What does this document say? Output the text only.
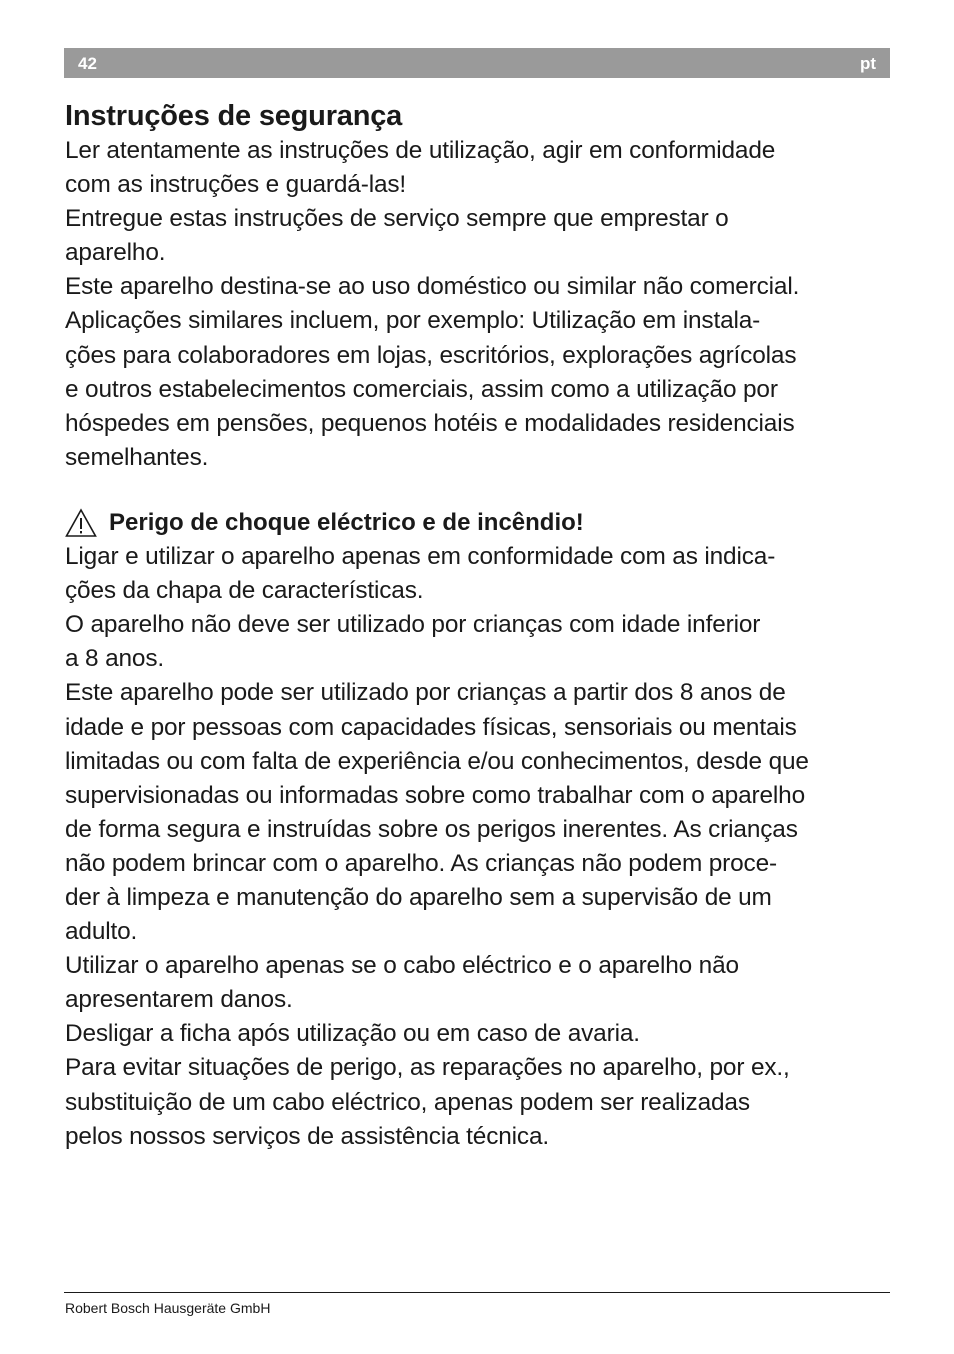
42	pt
Instruções de segurança
Ler atentamente as instruções de utilização, agir em conformidade
com as instruções e guardá-las!
Entregue estas instruções de serviço sempre que emprestar o
aparelho.
Este aparelho destina-se ao uso doméstico ou similar não comercial.
Aplicações similares incluem, por exemplo: Utilização em instala-
ções para colaboradores em lojas, escritórios, explorações agrícolas
e outros estabelecimentos comerciais, assim como a utilização por
hóspedes em pensões, pequenos hotéis e modalidades residenciais
semelhantes.
Perigo de choque eléctrico e de incêndio!
Ligar e utilizar o aparelho apenas em conformidade com as indica-
ções da chapa de características.
O aparelho não deve ser utilizado por crianças com idade inferior
a 8 anos.
Este aparelho pode ser utilizado por crianças a partir dos 8 anos de
idade e por pessoas com capacidades físicas, sensoriais ou mentais
limitadas ou com falta de experiência e/ou conhecimentos, desde que
supervisionadas ou informadas sobre como trabalhar com o aparelho
de forma segura e instruídas sobre os perigos inerentes. As crianças
não podem brincar com o aparelho. As crianças não podem proce-
der à limpeza e manutenção do aparelho sem a supervisão de um
adulto.
Utilizar o aparelho apenas se o cabo eléctrico e o aparelho não
apresentarem danos.
Desligar a ficha após utilização ou em caso de avaria.
Para evitar situações de perigo, as reparações no aparelho, por ex.,
substituição de um cabo eléctrico, apenas podem ser realizadas
pelos nossos serviços de assistência técnica.
Robert Bosch Hausgeräte GmbH
